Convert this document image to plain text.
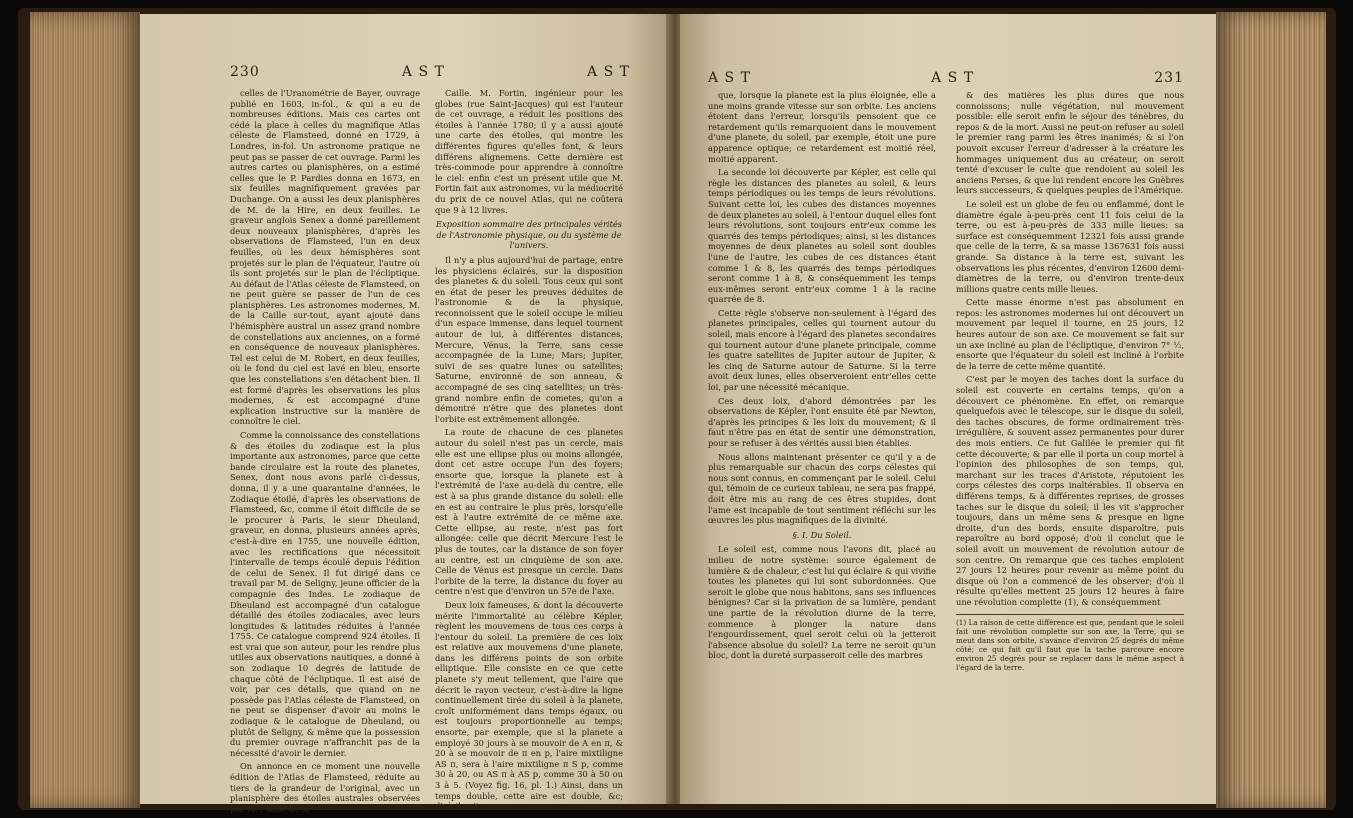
230	A S T	A S T

celles de l'Uranométrie de Bayer, ouvrage publié en 1603, in-fol., & qui a eu de nombreuses éditions. Mais ces cartes ont cédé la place à celles du magnifique Atlas céleste de Flamsteed, donné en 1729, à Londres, in-fol. Un astronome pratique ne peut pas se passer de cet ouvrage. Parmi les autres cartes ou planisphères, on a estimé celles que le P. Pardies donna en 1673, en six feuilles magnifiquement gravées par Duchange. On a aussi les deux planisphères de M. de la Hire, en deux feuilles. Le graveur anglois Senex a donné pareillement deux nouveaux planisphères, d'après les observations de Flamsteed, l'un en deux feuilles, où les deux hémisphères sont projetés sur le plan de l'équateur, l'autre où ils sont projetés sur le plan de l'écliptique. Au défaut de l'Atlas céleste de Flamsteed, on ne peut guère se passer de l'un de ces planisphères. Les astronomes modernes, M. de la Caille sur-tout, ayant ajouté dans l'hémisphère austral un assez grand nombre de constellations aux anciennes, on a formé en conséquence de nouveaux planisphères. Tel est celui de M. Robert, en deux feuilles, où le fond du ciel est lavé en bleu, ensorte que les constellations s'en détachent bien. Il est formé d'après les observations les plus modernes, & est accompagné d'une explication instructive sur la manière de connoître le ciel.

Comme la connoissance des constellations & des étoiles du zodiaque est la plus importante aux astronomes, parce que cette bande circulaire est la route des planetes, Senex, dont nous avons parlé ci-dessus, donna, il y a une quarantaine d'années, le Zodiaque étoilé, d'après les observations de Flamsteed, &c, comme il étoit difficile de se le procurer à Paris, le sieur Dheuland, graveur, en donna, plusieurs années après, c'est-à-dire en 1755, une nouvelle édition, avec les rectifications que nécessitoit l'intervalle de temps écoulé depuis l'édition de celui de Senex. Il fut dirigé dans ce travail par M. de Seligny, jeune officier de la compagnie des Indes. Le zodiaque de Dheuland est accompagné d'un catalogue détaillé des étoiles zodiacales, avec leurs longitudes & latitudes réduites à l'année 1755. Ce catalogue comprend 924 étoiles. Il est vrai que son auteur, pour les rendre plus utiles aux observations nautiques, a donné à son zodiaque 10 degrés de latitude de chaque côté de l'écliptique. Il est aisé de voir, par ces détails, que quand on ne possède pas l'Atlas céleste de Flamsteed, on ne peut se dispenser d'avoir au moins le zodiaque & le catalogue de Dheuland, ou plutôt de Seligny, & même que la possession du premier ouvrage n'affranchit pas de la nécessité d'avoir le dernier.

On annonce en ce moment une nouvelle édition de l'Atlas de Flamsteed, réduite au tiers de la grandeur de l'original, avec un planisphère des étoiles australes observées par M. l'abbé de la

Caille. M. Fortin, ingénieur pour les globes (rue Saint-Jacques) qui est l'auteur de cet ouvrage, a réduit les positions des étoiles à l'année 1780; il y a aussi ajouté une carte des étoiles, qui montre les différentes figures qu'elles font, & leurs différens alignemens. Cette dernière est très-commode pour apprendre à connoître le ciel: enfin c'est un présent utile que M. Fortin fait aux astronomes, vu la médiocrité du prix de ce nouvel Atlas, qui ne coûtera que 9 à 12 livres.

Exposition sommaire des principales vérités de l'Astronomie physique, ou du système de l'univers.

Il n'y a plus aujourd'hui de partage, entre les physiciens éclairés, sur la disposition des planetes & du soleil. Tous ceux qui sont en état de peser les preuves déduites de l'astronomie & de la physique, reconnoissent que le soleil occupe le milieu d'un espace immense, dans lequel tournent autour de lui, à différentes distances, Mercure, Vénus, la Terre, sans cesse accompagnée de la Lune; Mars; Jupiter, suivi de ses quatre lunes ou satellites; Saturne, environné de son anneau, & accompagné de ses cinq satellites; un très-grand nombre enfin de cometes, qu'on a démontré n'être que des planetes dont l'orbite est extrêmement allongée.

La route de chacune de ces planetes autour du soleil n'est pas un cercle, mais elle est une ellipse plus ou moins allongée, dont cet astre occupe l'un des foyers; ensorte que, lorsque la planete est à l'extrémité de l'axe au-delà du centre, elle est à sa plus grande distance du soleil: elle en est au contraire le plus près, lorsqu'elle est à l'autre extrémité de ce même axe. Cette ellipse, au reste, n'est pas fort allongée: celle que décrit Mercure l'est le plus de toutes, car la distance de son foyer au centre, est un cinquième de son axe. Celle de Vénus est presque un cercle. Dans l'orbite de la terre, la distance du foyer au centre n'est que d'environ un 57e de l'axe.

Deux loix fameuses, & dont la découverte mérite l'immortalité au célèbre Képler, règlent les mouvemens de tous ces corps à l'entour du soleil. La première de ces loix est relative aux mouvemens d'une planete, dans les différens points de son orbite elliptique. Elle consiste en ce que cette planete s'y meut tellement, que l'aire que décrit le rayon vecteur, c'est-à-dire la ligne continuellement tirée du soleil à la planete, croît uniformément dans temps égaux, ou est toujours proportionnelle au temps; ensorte, par exemple, que si la planete a employé 30 jours à se mouvoir de A en π, & 20 à se mouvoir de π en p, l'aire mixtiligne AS π, sera à l'aire mixtiligne π S p, comme 30 à 20, ou AS π à AS p, comme 30 à 50 ou 3 à 5. (Voyez fig. 16, pl. 1.) Ainsi, dans un temps double, cette aire est double, &c; d'où il suit

A S T	A S T	231

que, lorsque la planete est la plus éloignée, elle a une moins grande vitesse sur son orbite. Les anciens étoient dans l'erreur, lorsqu'ils pensoient que ce retardement qu'ils remarquoient dans le mouvement d'une planete, du soleil, par exemple, étoit une pure apparence optique; ce retardement est moitié réel, moitié apparent.

La seconde loi découverte par Képler, est celle qui règle les distances des planetes au soleil, & leurs temps périodiques ou les temps de leurs révolutions. Suivant cette loi, les cubes des distances moyennes de deux planetes au soleil, à l'entour duquel elles font leurs révolutions, sont toujours entr'eux comme les quarrés des temps périodiques; ainsi, si les distances moyennes de deux planetes au soleil sont doubles l'une de l'autre, les cubes de ces distances étant comme 1 & 8, les quarrés des temps périodiques seront comme 1 à 8, & conséquemment les temps eux-mêmes seront entr'eux comme 1 à la racine quarrée de 8.

Cette règle s'observe non-seulement à l'égard des planetes principales, celles qui tournent autour du soleil, mais encore à l'égard des planetes secondaires qui tournent autour d'une planete principale, comme les quatre satellites de Jupiter autour de Jupiter, & les cinq de Saturne autour de Saturne. Si la terre avoit deux lunes, elles observeroient entr'elles cette loi, par une nécessité mécanique.

Ces deux loix, d'abord démontrées par les observations de Képler, l'ont ensuite été par Newton, d'après les principes & les loix du mouvement; & il faut n'être pas en état de sentir une démonstration, pour se refuser à des vérités aussi bien établies.

Nous allons maintenant présenter ce qu'il y a de plus remarquable sur chacun des corps célestes qui nous sont connus, en commençant par le soleil. Celui qui, témoin de ce curieux tableau, ne sera pas frappé, doit être mis au rang de ces êtres stupides, dont l'ame est incapable de tout sentiment réfléchi sur les œuvres les plus magnifiques de la divinité.

§. I. Du Soleil.

Le soleil est, comme nous l'avons dit, placé au milieu de notre système: source également de lumière & de chaleur, c'est lui qui éclaire & qui vivifie toutes les planetes qui lui sont subordonnées. Que seroit le globe que nous habitons, sans ses influences bénignes? Car si la privation de sa lumière, pendant une partie de la révolution diurne de la terre, commence à plonger la nature dans l'engourdissement, quel seroit celui où la jetteroit l'absence absolue du soleil? La terre ne seroit qu'un bloc, dont la dureté surpasseroit celle des marbres

& des matières les plus dures que nous connoissons; nulle végétation, nul mouvement possible: elle seroit enfin le séjour des ténèbres, du repos & de la mort. Aussi ne peut-on refuser au soleil le premier rang parmi les êtres inanimés; & si l'on pouvoit excuser l'erreur d'adresser à la créature les hommages uniquement dus au créateur, on seroit tenté d'excuser le culte que rendoient au soleil les anciens Perses, & que lui rendent encore les Guèbres leurs successeurs, & quelques peuples de l'Amérique.

Le soleil est un globe de feu ou enflammé, dont le diamètre égale à-peu-près cent 11 fois celui de la terre, ou est à-peu-près de 333 mille lieues: sa surface est conséquemment 12321 fois aussi grande que celle de la terre, & sa masse 1367631 fois aussi grande. Sa distance à la terre est, suivant les observations les plus récentes, d'environ 12600 demi-diamètres de la terre, ou d'environ trente-deux millions quatre cents mille lieues.

Cette masse énorme n'est pas absolument en repos: les astronomes modernes lui ont découvert un mouvement par lequel il tourne, en 25 jours, 12 heures autour de son axe. Ce mouvement se fait sur un axe incliné au plan de l'écliptique, d'environ 7° ½, ensorte que l'équateur du soleil est incliné à l'orbite de la terre de cette même quantité.

C'est par le moyen des taches dont la surface du soleil est couverte en certains temps, qu'on a découvert ce phénomène. En effet, on remarque quelquefois avec le télescope, sur le disque du soleil, des taches obscures, de forme ordinairement très-irrégulière, & souvent assez permanentes pour durer des mois entiers. Ce fut Galilée le premier qui fit cette découverte; & par elle il porta un coup mortel à l'opinion des philosophes de son temps, qui, marchant sur les traces d'Aristote, réputoient les corps célestes des corps inaltérables. Il observa en différens temps, & à différentes reprises, de grosses taches sur le disque du soleil; il les vit s'approcher toujours, dans un même sens & presque en ligne droite, d'un des bords, ensuite disparoître, puis reparoître au bord opposé; d'où il conclut que le soleil avoit un mouvement de révolution autour de son centre. On remarque que ces taches emploient 27 jours 12 heures pour revenir au même point du disque où l'on a commencé de les observer; d'où il résulte qu'elles mettent 25 jours 12 heures à faire une révolution complette (1), & conséquemment

(1) La raison de cette différence est que, pendant que le soleil fait une révolution complette sur son axe, la Terre, qui se meut dans son orbite, s'avance d'environ 25 degrés du même côté; ce qui fait qu'il faut que la tache parcoure encore environ 25 degrés pour se replacer dans le même aspect à l'égard de la terre.
